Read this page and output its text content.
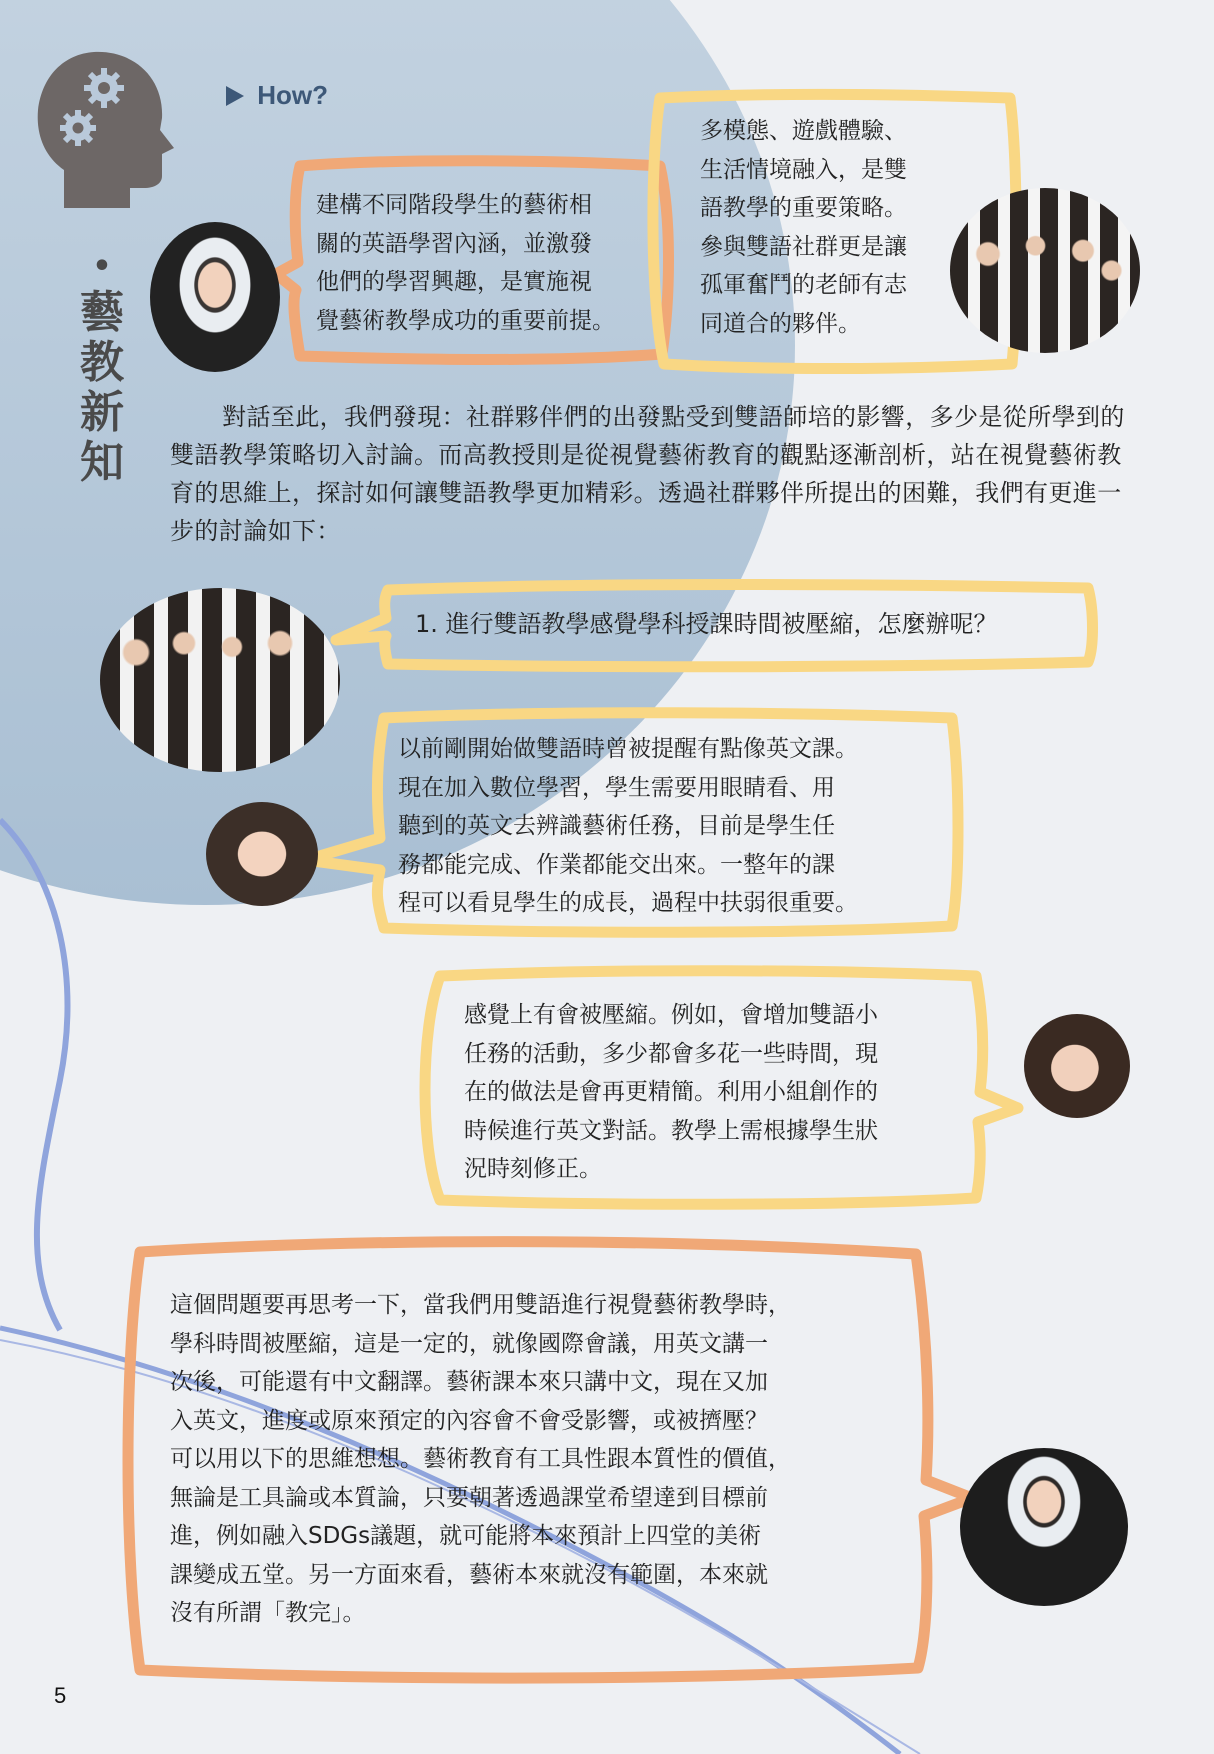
•
藝
教
新
知
How?
建構不同階段學生的藝術相
關的英語學習內涵，並激發
他們的學習興趣，是實施視
覺藝術教學成功的重要前提。
多模態、遊戲體驗、
生活情境融入，是雙
語教學的重要策略。
參與雙語社群更是讓
孤軍奮鬥的老師有志
同道合的夥伴。
對話至此，我們發現：社群夥伴們的出發點受到雙語師培的影響，多少是從所學到的雙語教學策略切入討論。而高教授則是從視覺藝術教育的觀點逐漸剖析，站在視覺藝術教育的思維上，探討如何讓雙語教學更加精彩。透過社群夥伴所提出的困難，我們有更進一步的討論如下：
1. 進行雙語教學感覺學科授課時間被壓縮，怎麼辦呢？
以前剛開始做雙語時曾被提醒有點像英文課。
現在加入數位學習，學生需要用眼睛看、用
聽到的英文去辨識藝術任務，目前是學生任
務都能完成、作業都能交出來。一整年的課
程可以看見學生的成長，過程中扶弱很重要。
感覺上有會被壓縮。例如，會增加雙語小
任務的活動，多少都會多花一些時間，現
在的做法是會再更精簡。利用小組創作的
時候進行英文對話。教學上需根據學生狀
況時刻修正。
這個問題要再思考一下，當我們用雙語進行視覺藝術教學時，
學科時間被壓縮，這是一定的，就像國際會議，用英文講一
次後，可能還有中文翻譯。藝術課本來只講中文，現在又加
入英文，進度或原來預定的內容會不會受影響，或被擠壓？
可以用以下的思維想想。藝術教育有工具性跟本質性的價值，
無論是工具論或本質論，只要朝著透過課堂希望達到目標前
進，例如融入SDGs議題，就可能將本來預計上四堂的美術
課變成五堂。另一方面來看，藝術本來就沒有範圍，本來就
沒有所謂「教完」。
5
